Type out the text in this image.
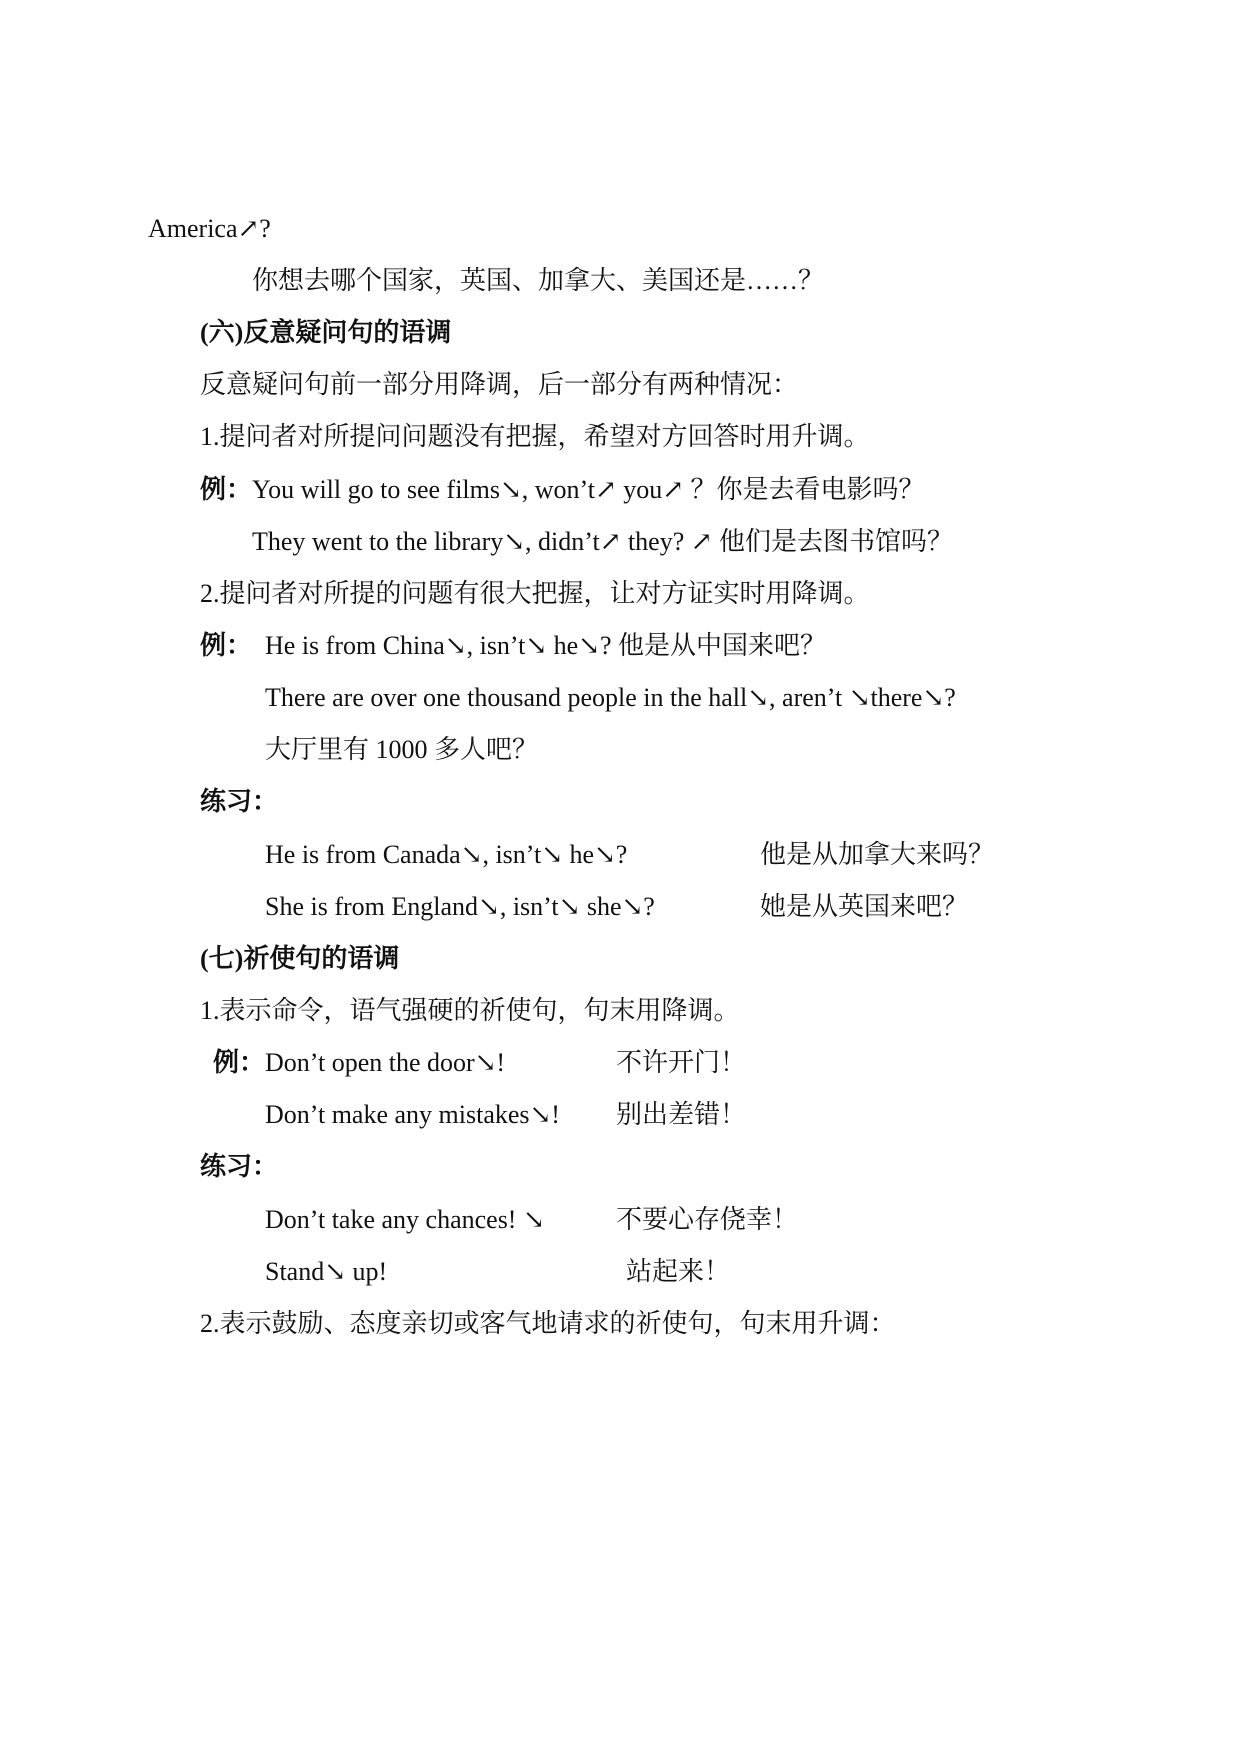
America↗?
你想去哪个国家，英国、加拿大、美国还是……？
(六)反意疑问句的语调
反意疑问句前一部分用降调，后一部分有两种情况：
1.提问者对所提问问题没有把握，希望对方回答时用升调。
例： You will go to see films↘, won’t↗ you↗ ？你是去看电影吗？
They went to the library↘, didn’t↗ they? ↗ 他们是去图书馆吗？
2.提问者对所提的问题有很大把握，让对方证实时用降调。
例： He is from China↘, isn’t↘ he↘? 他是从中国来吧？
There are over one thousand people in the hall↘, aren’t ↘there↘?
大厅里有 1000 多人吧？
练习：
He is from Canada↘, isn’t↘ he↘?	他是从加拿大来吗？
She is from England↘, isn’t↘ she↘?	她是从英国来吧？
(七)祈使句的语调
1.表示命令，语气强硬的祈使句，句末用降调。
例： Don’t open the door↘!	不许开门！
Don’t make any mistakes↘! 别出差错！
练习：
Don’t take any chances! ↘	不要心存侥幸！
Stand↘ up!	站起来！
2.表示鼓励、态度亲切或客气地请求的祈使句，句末用升调：
